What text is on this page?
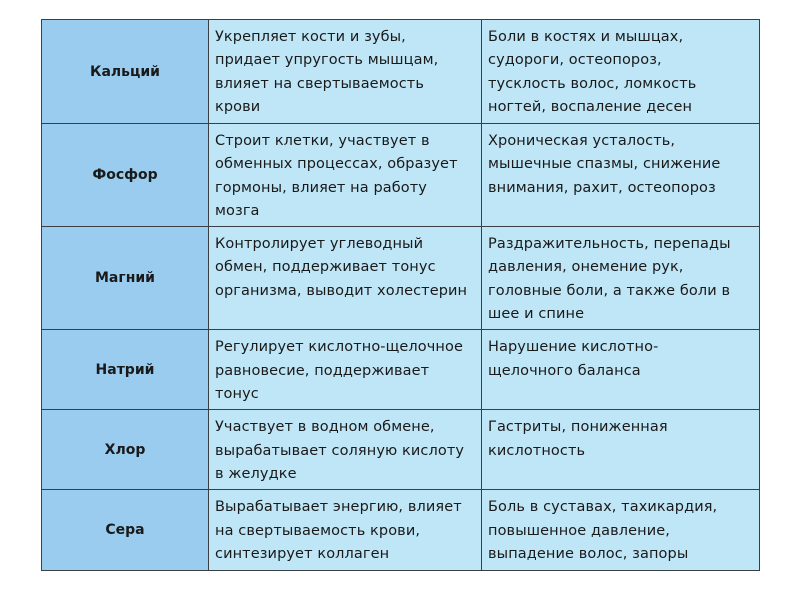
Кальций	Укрепляет кости и зубы,
придает упругость мышцам,
влияет на свертываемость
крови	Боли в костях и мышцах,
судороги, остеопороз,
тусклость волос, ломкость
ногтей, воспаление десен
Фосфор	Строит клетки, участвует в
обменных процессах, образует
гормоны, влияет на работу
мозга	Хроническая усталость,
мышечные спазмы, снижение
внимания, рахит, остеопороз
Магний	Контролирует углеводный
обмен, поддерживает тонус
организма, выводит холестерин	Раздражительность, перепады
давления, онемение рук,
головные боли, а также боли в
шее и спине
Натрий	Регулирует кислотно-щелочное
равновесие, поддерживает
тонус	Нарушение кислотно-
щелочного баланса
Хлор	Участвует в водном обмене,
вырабатывает соляную кислоту
в желудке	Гастриты, пониженная
кислотность
Сера	Вырабатывает энергию, влияет
на свертываемость крови,
синтезирует коллаген	Боль в суставах, тахикардия,
повышенное давление,
выпадение волос, запоры
